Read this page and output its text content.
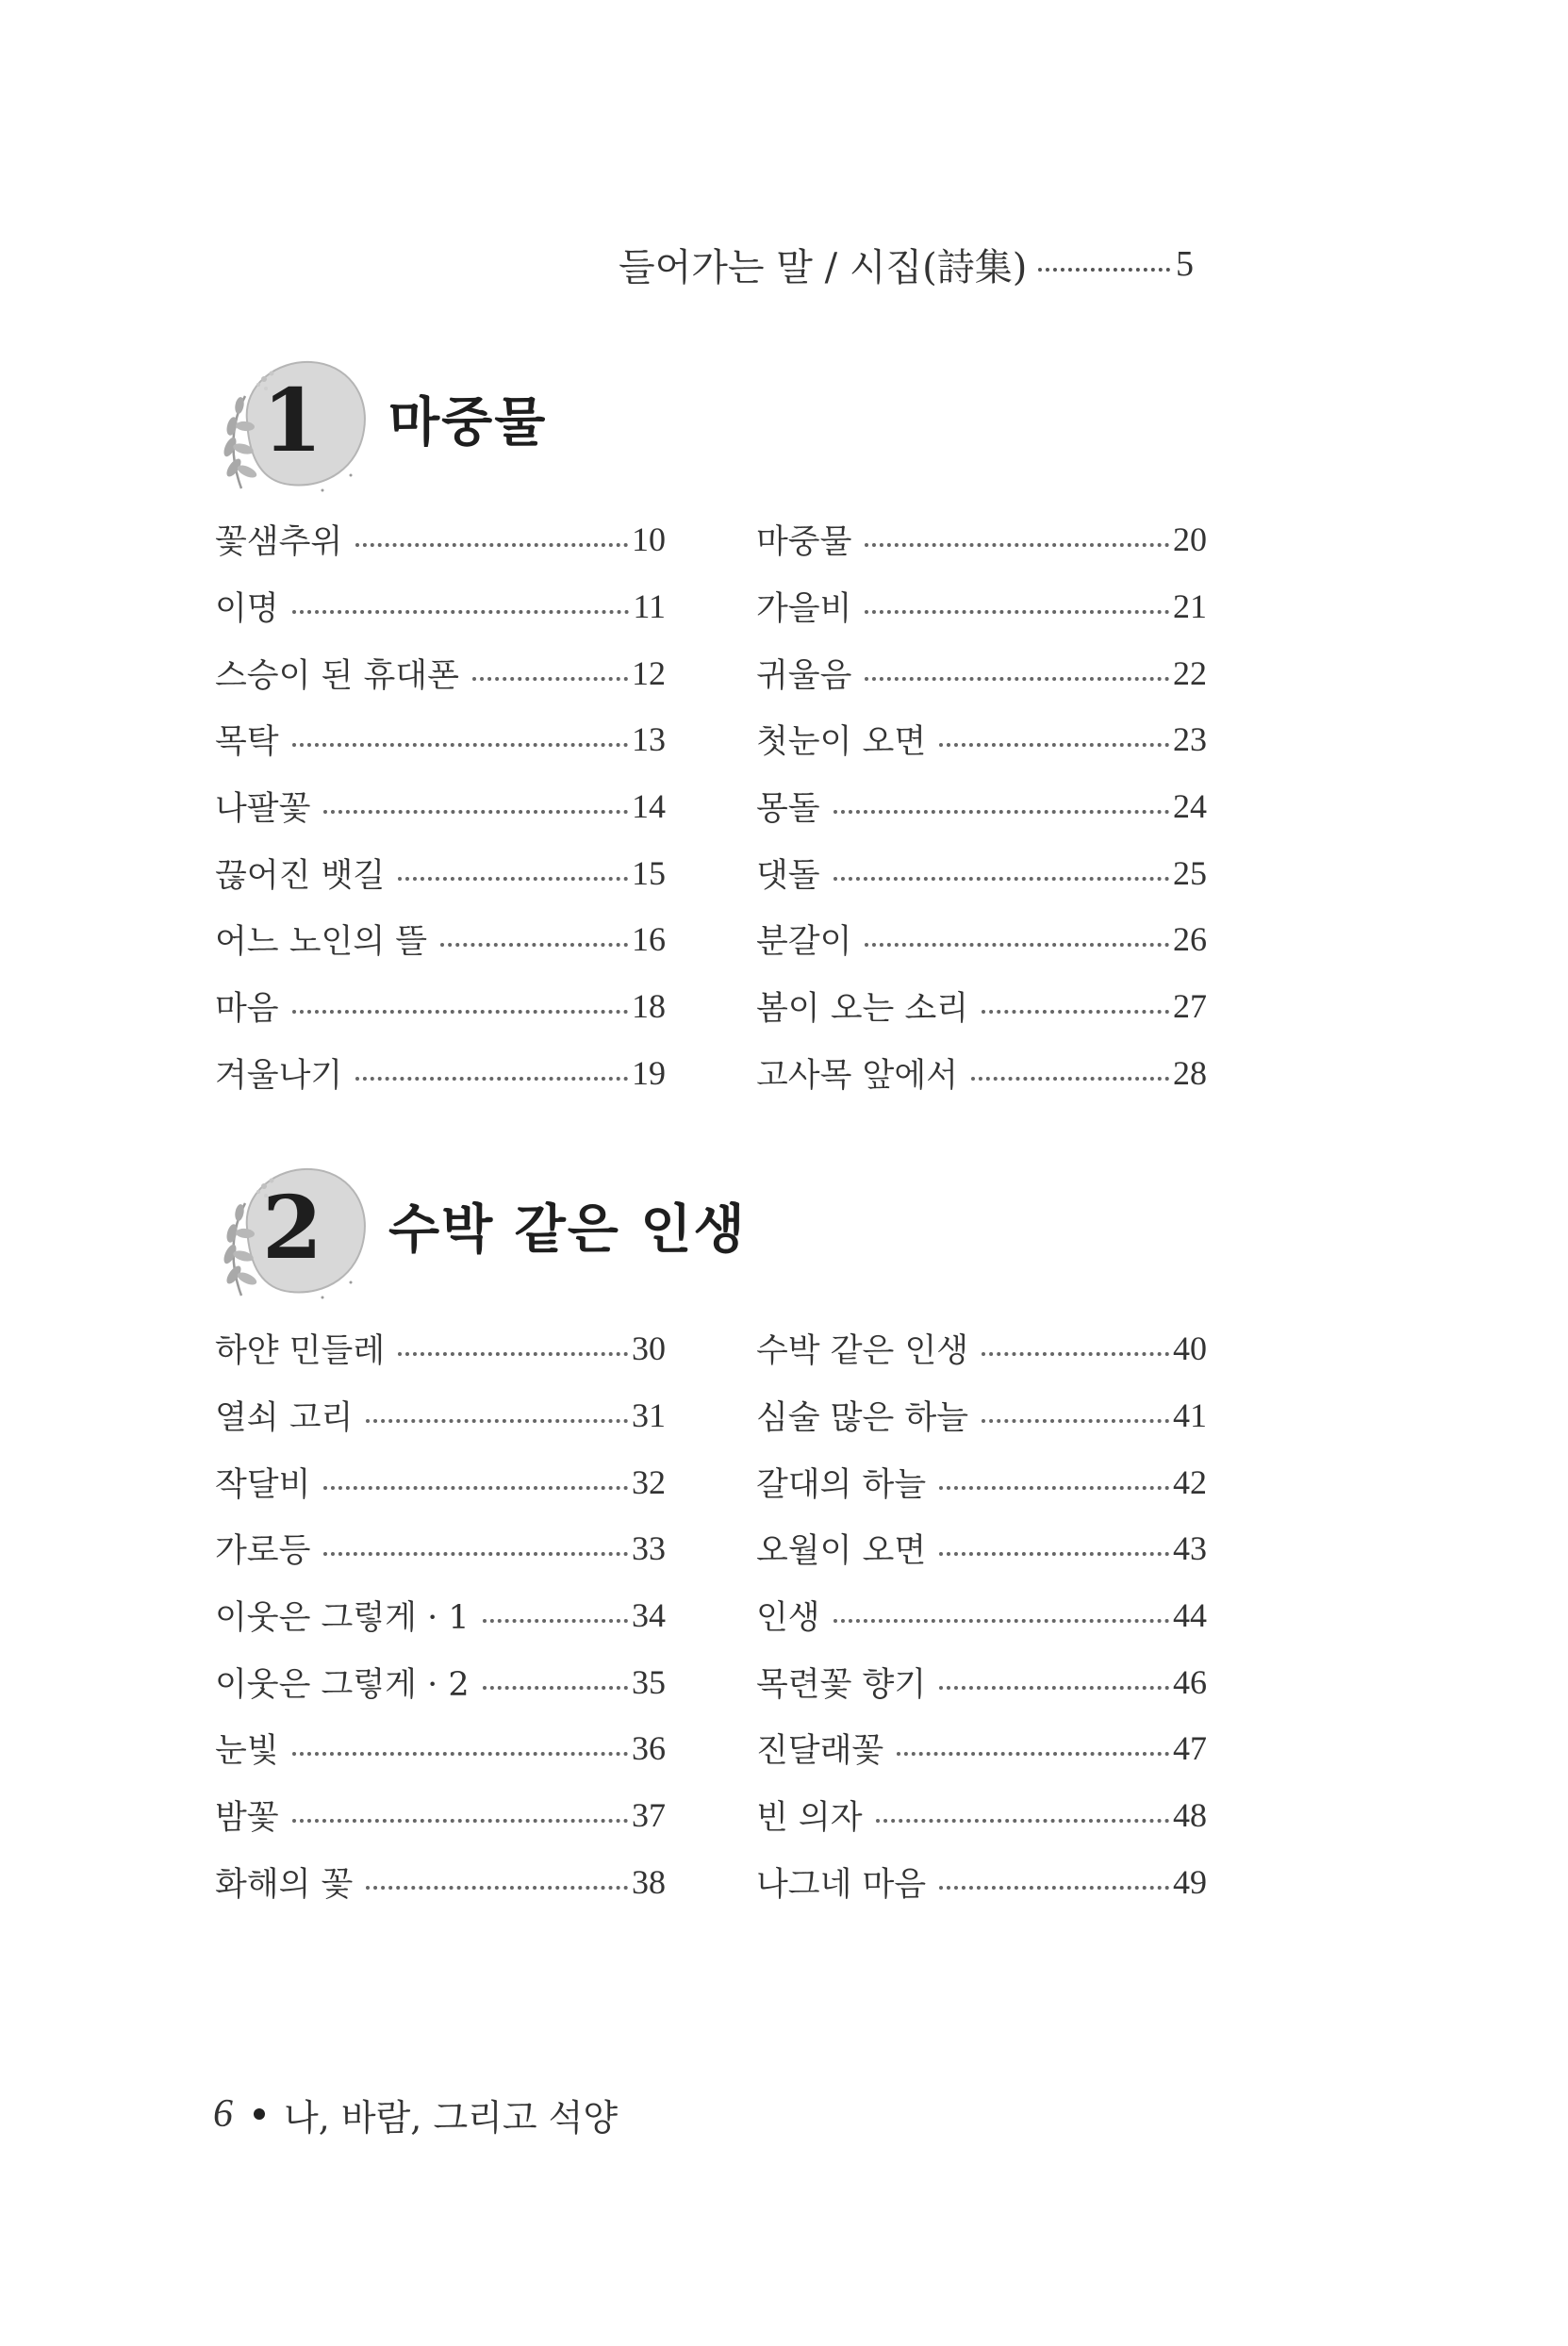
들어가는 말 / 시집(詩集)	5
1 마중물
꽃샘추위	10
이명	11
스승이 된 휴대폰	12
목탁	13
나팔꽃	14
끊어진 뱃길	15
어느 노인의 뜰	16
마음	18
겨울나기	19
마중물	20
가을비	21
귀울음	22
첫눈이 오면	23
몽돌	24
댓돌	25
분갈이	26
봄이 오는 소리	27
고사목 앞에서	28
2 수박 같은 인생
하얀 민들레	30
열쇠 고리	31
작달비	32
가로등	33
이웃은 그렇게 · 1	34
이웃은 그렇게 · 2	35
눈빛	36
밤꽃	37
화해의 꽃	38
수박 같은 인생	40
심술 많은 하늘	41
갈대의 하늘	42
오월이 오면	43
인생	44
목련꽃 향기	46
진달래꽃	47
빈 의자	48
나그네 마음	49
6 나, 바람, 그리고 석양
